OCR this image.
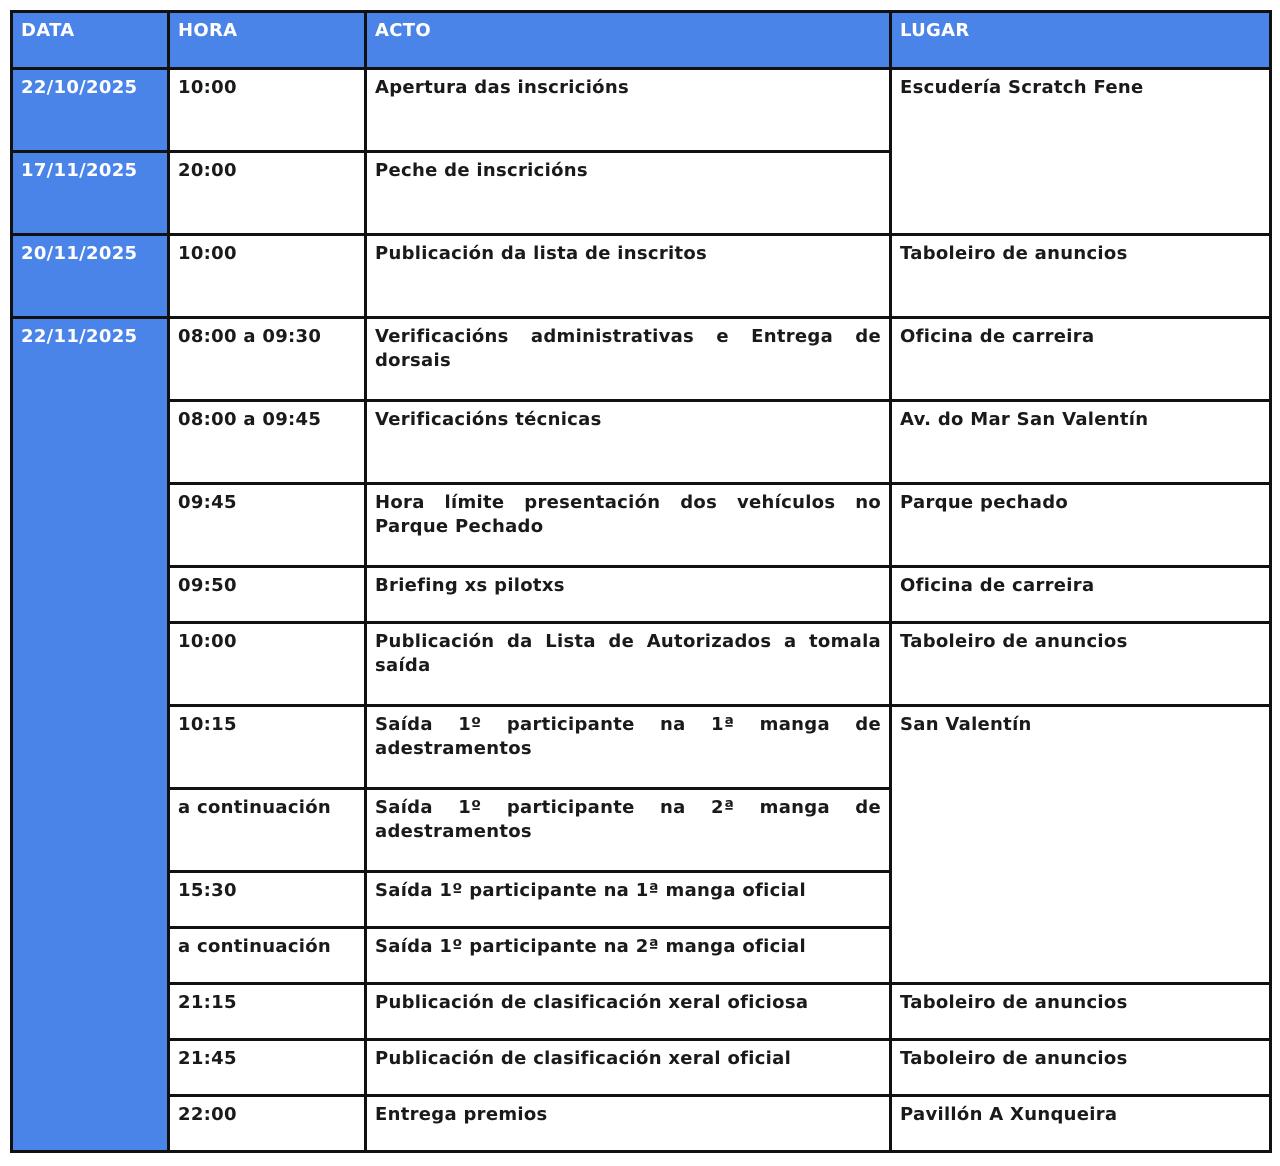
DATA	HORA	ACTO	LUGAR
22/10/2025	10:00	Apertura das inscricións	Escudería Scratch Fene
17/11/2025	20:00	Peche de inscricións	
20/11/2025	10:00	Publicación da lista de inscritos	Taboleiro de anuncios
22/11/2025	08:00 a 09:30	Verificacións administrativas e Entrega de dorsais	Oficina de carreira
	08:00 a 09:45	Verificacións técnicas	Av. do Mar San Valentín
	09:45	Hora límite presentación dos vehículos no Parque Pechado	Parque pechado
	09:50	Briefing xs pilotxs	Oficina de carreira
	10:00	Publicación da Lista de Autorizados a tomala saída	Taboleiro de anuncios
	10:15	Saída 1º participante na 1ª manga de adestramentos	San Valentín
	a continuación	Saída 1º participante na 2ª manga de adestramentos	
	15:30	Saída 1º participante na 1ª manga oficial	
	a continuación	Saída 1º participante na 2ª manga oficial	
	21:15	Publicación de clasificación xeral oficiosa	Taboleiro de anuncios
	21:45	Publicación de clasificación xeral oficial	Taboleiro de anuncios
	22:00	Entrega premios	Pavillón A Xunqueira
